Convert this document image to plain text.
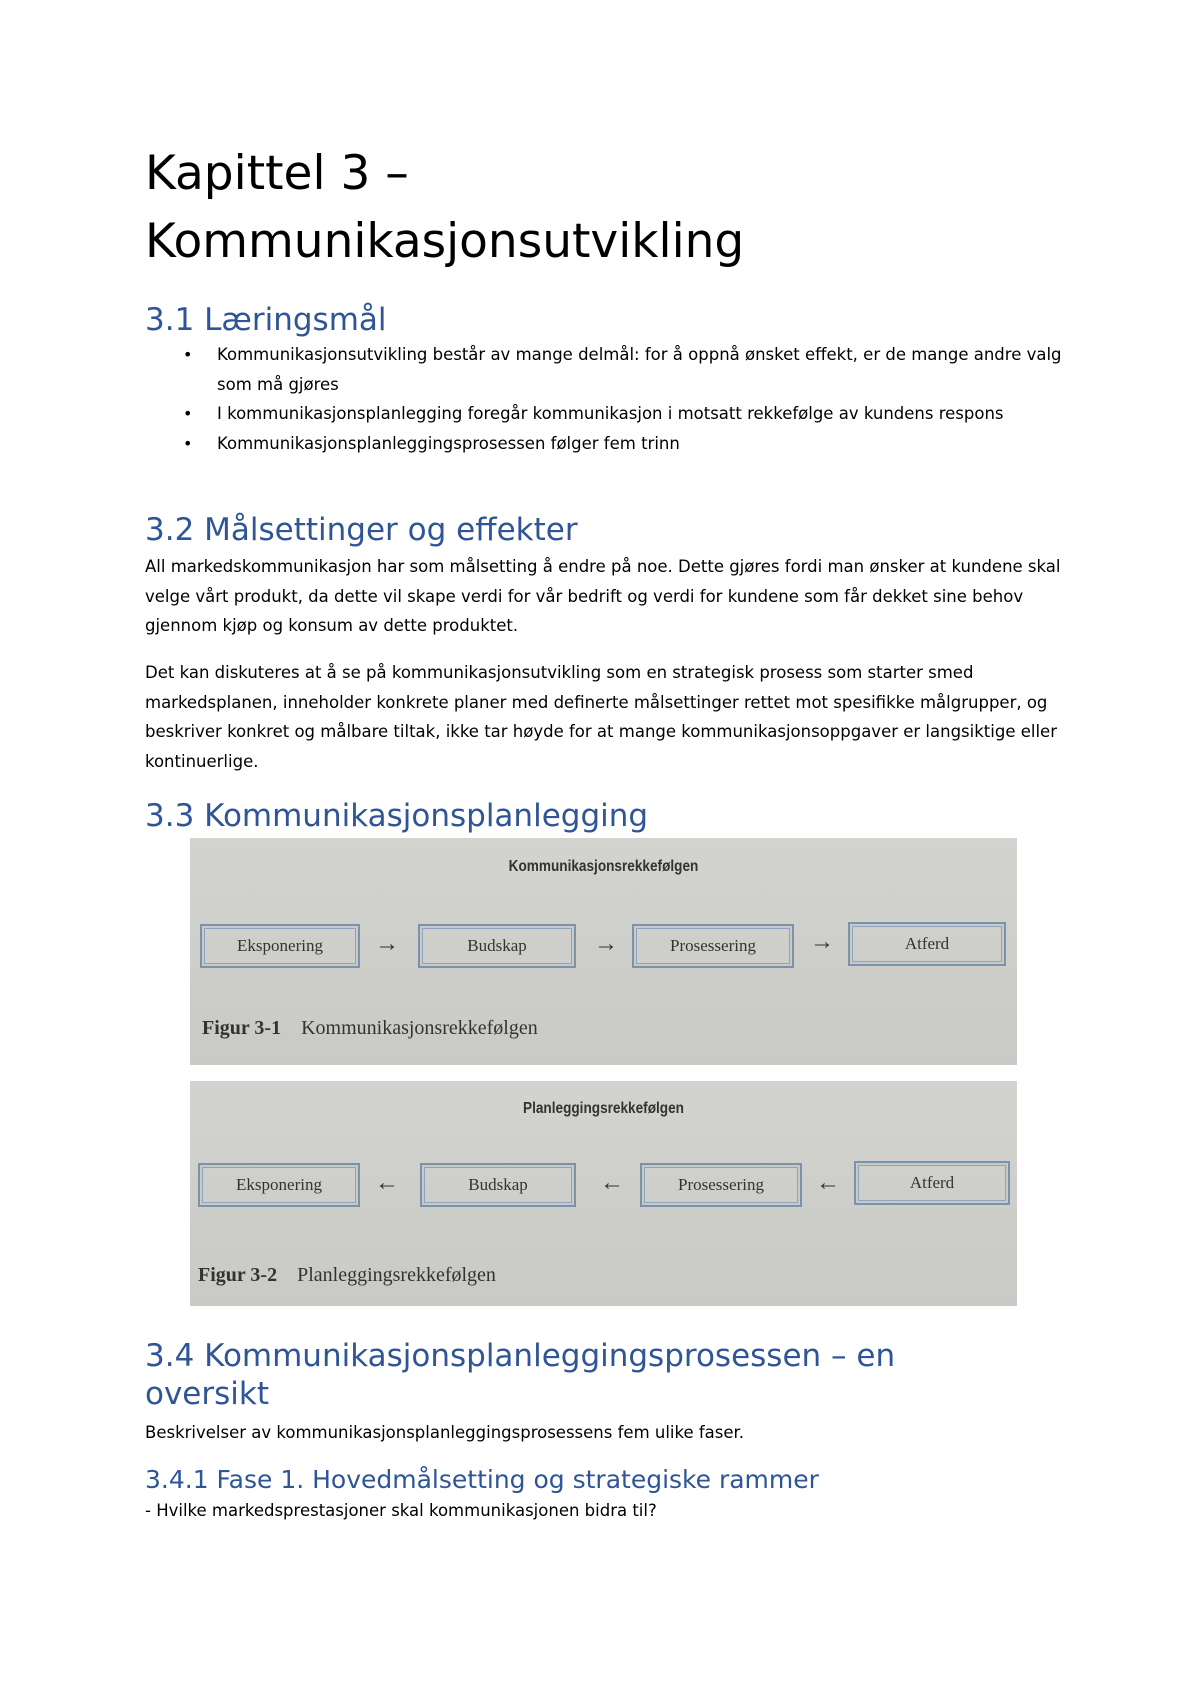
Kapittel 3 –
Kommunikasjonsutvikling
3.1 Læringsmål
• Kommunikasjonsutvikling består av mange delmål: for å oppnå ønsket effekt, er de mange andre valg som må gjøres
• I kommunikasjonsplanlegging foregår kommunikasjon i motsatt rekkefølge av kundens respons
• Kommunikasjonsplanleggingsprosessen følger fem trinn
3.2 Målsettinger og effekter

All markedskommunikasjon har som målsetting å endre på noe. Dette gjøres fordi man ønsker at kundene skal velge vårt produkt, da dette vil skape verdi for vår bedrift og verdi for kundene som får dekket sine behov gjennom kjøp og konsum av dette produktet.

Det kan diskuteres at å se på kommunikasjonsutvikling som en strategisk prosess som starter smed markedsplanen, inneholder konkrete planer med definerte målsettinger rettet mot spesifikke målgrupper, og beskriver konkret og målbare tiltak, ikke tar høyde for at mange kommunikasjonsoppgaver er langsiktige eller kontinuerlige.

3.3 Kommunikasjonsplanlegging
Kommunikasjonsrekkefølgen
Eksponering	→	Budskap	→	Prosessering	→	Atferd
Figur 3-1 Kommunikasjonsrekkefølgen
Planleggingsrekkefølgen
Eksponering	←	Budskap	←	Prosessering	←	Atferd
Figur 3-2 Planleggingsrekkefølgen
3.4 Kommunikasjonsplanleggingsprosessen – en
oversikt

Beskrivelser av kommunikasjonsplanleggingsprosessens fem ulike faser.

3.4.1 Fase 1. Hovedmålsetting og strategiske rammer

- Hvilke markedsprestasjoner skal kommunikasjonen bidra til?
